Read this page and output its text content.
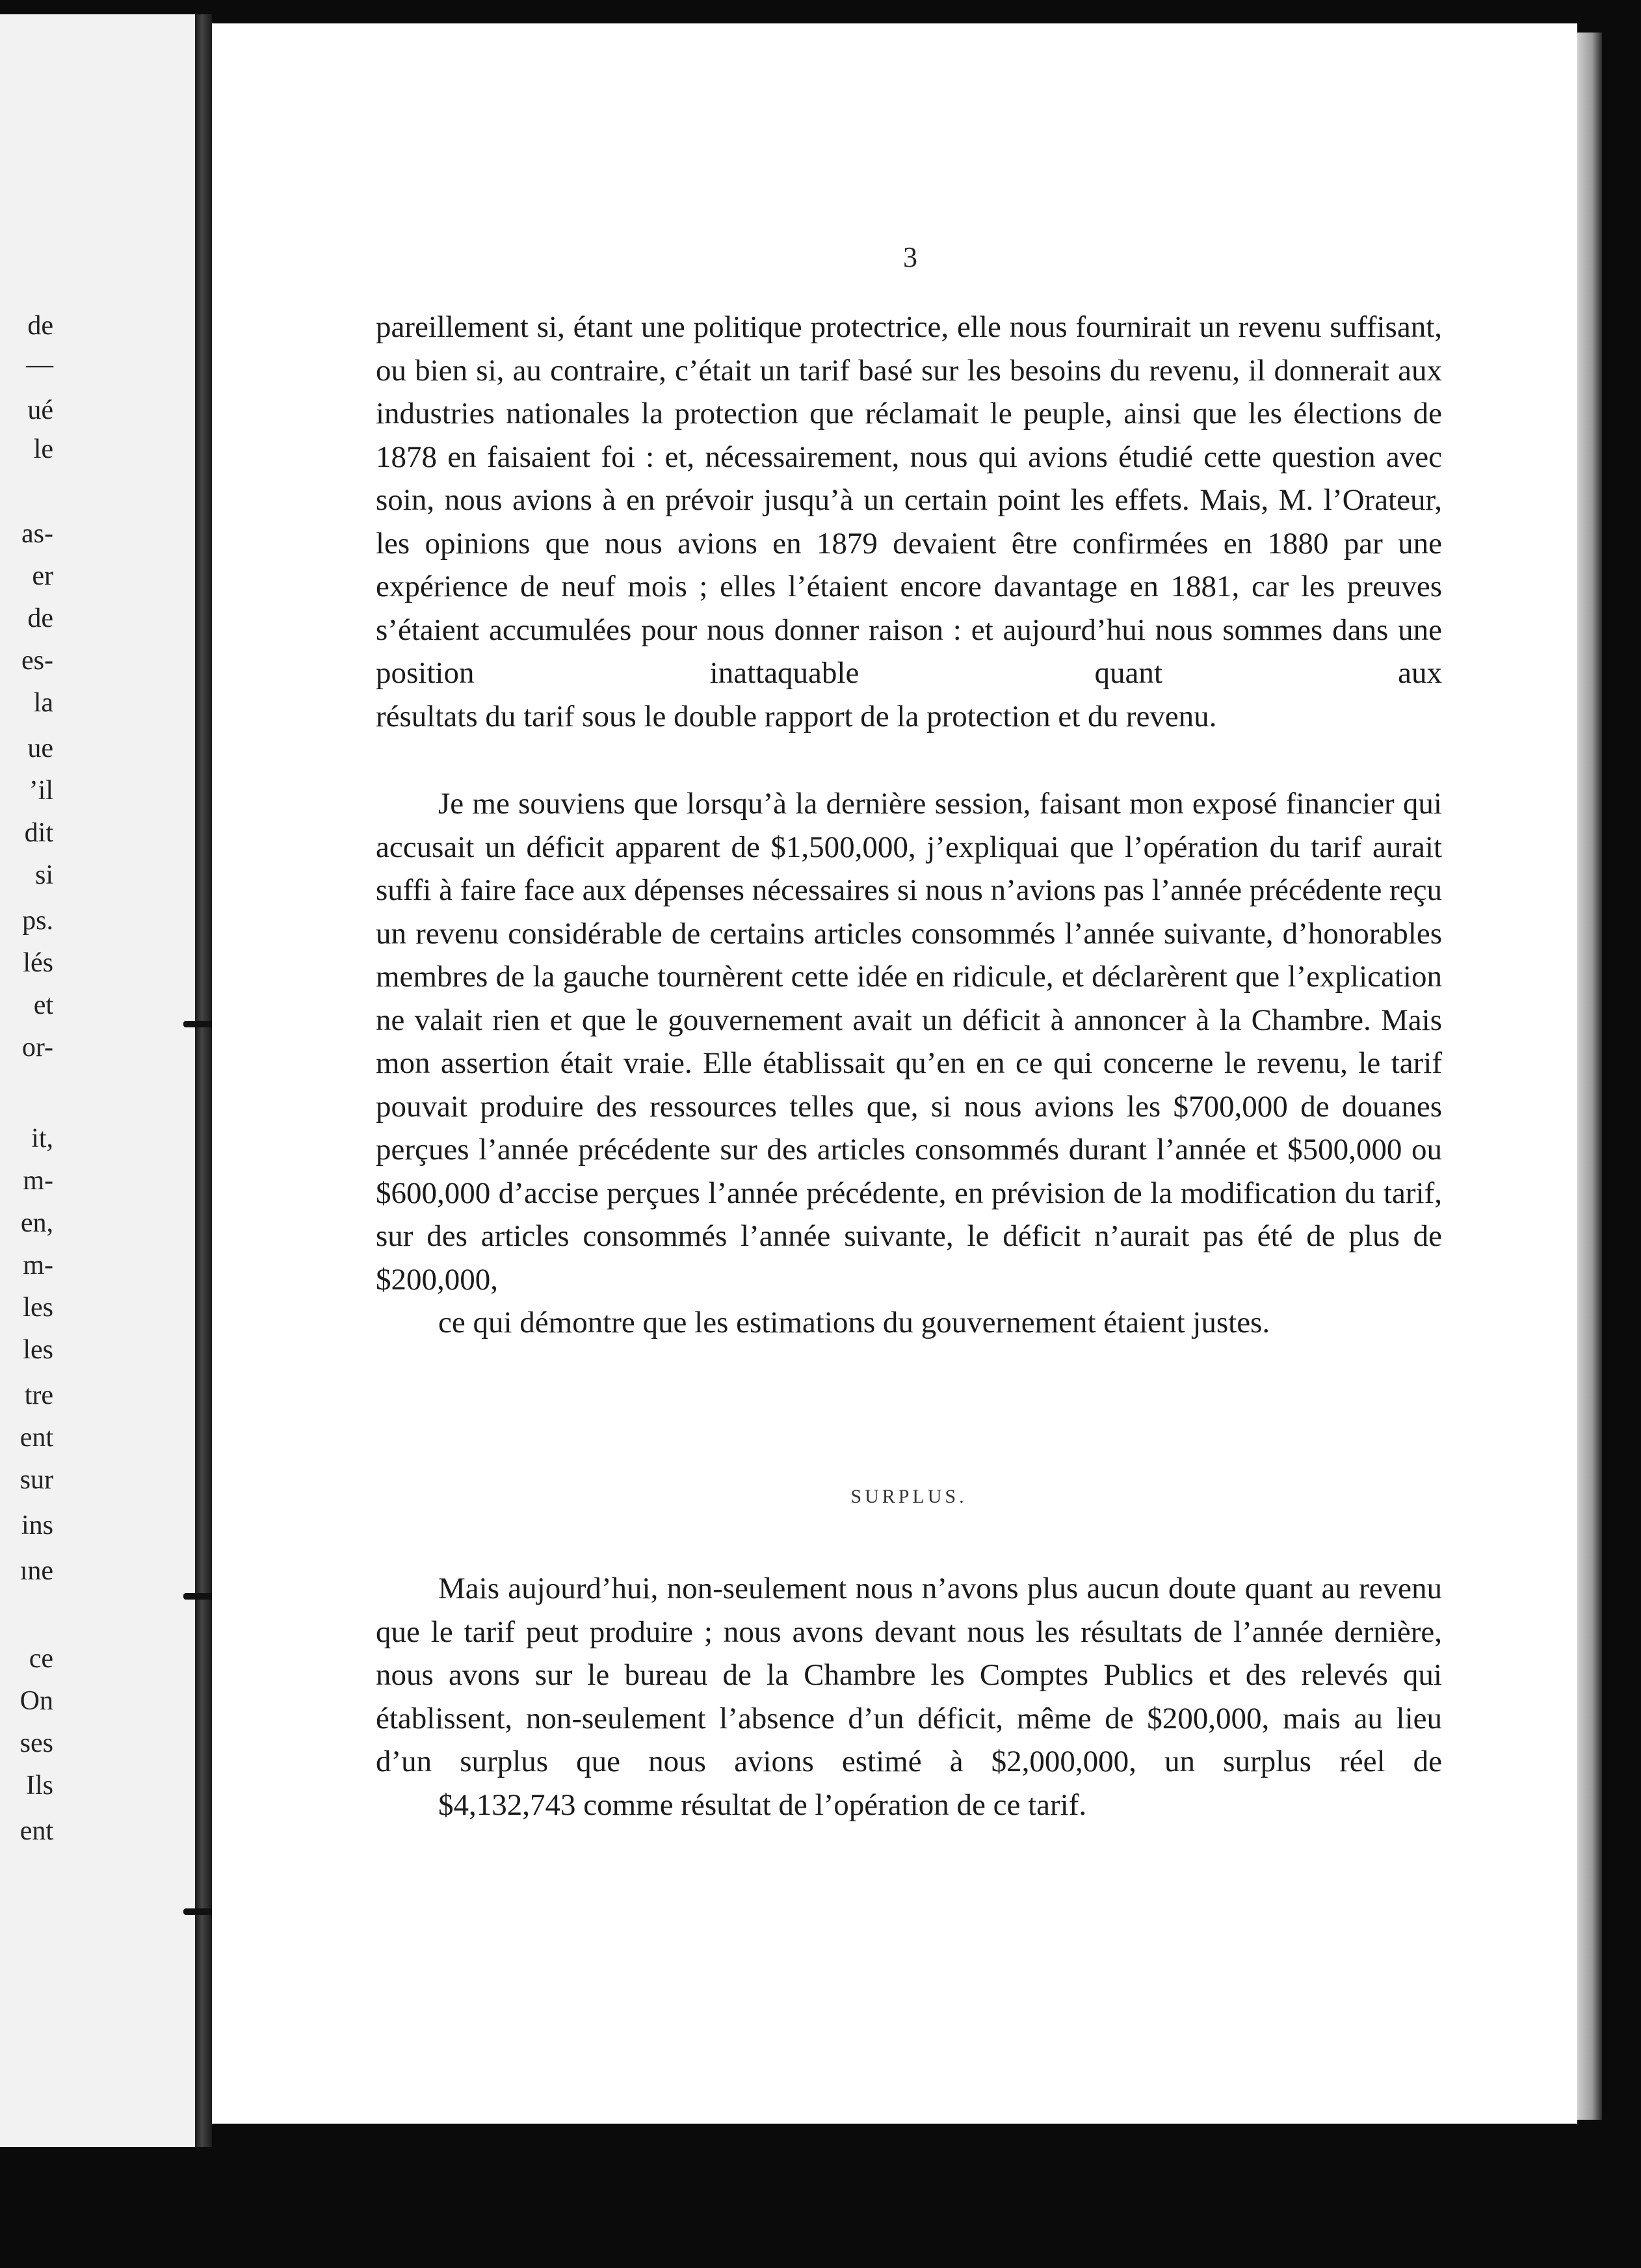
de
—
ué
le
as-
er
de
es-
la
ue
’il
dit
si
ps.
lés
et
or-
it,
m-
en,
m-
les
les
tre
ent
sur
ins
ıne
ce
On
ses
Ils
ent
3

pareillement si, étant une politique protectrice, elle nous fournirait un revenu suffisant, ou bien si, au contraire, c’était un tarif basé sur les besoins du revenu, il donnerait aux industries nationales la protection que réclamait le peuple, ainsi que les élections de 1878 en faisaient foi : et, nécessairement, nous qui avions étudié cette question avec soin, nous avions à en prévoir jusqu’à un certain point les effets. Mais, M. l’Orateur, les opinions que nous avions en 1879 devaient être confirmées en 1880 par une expérience de neuf mois ; elles l’étaient encore davantage en 1881, car les preuves s’étaient accumulées pour nous donner raison : et aujourd’hui nous sommes dans une position inattaquable quant aux
résultats du tarif sous le double rapport de la protection et du revenu.

Je me souviens que lorsqu’à la dernière session, faisant mon exposé financier qui accusait un déficit apparent de $1,500,000, j’expliquai que l’opération du tarif aurait suffi à faire face aux dépenses nécessaires si nous n’avions pas l’année précédente reçu un revenu considérable de certains articles consommés l’année suivante, d’honorables membres de la gauche tournèrent cette idée en ridicule, et déclarèrent que l’explication ne valait rien et que le gouvernement avait un déficit à annoncer à la Chambre. Mais mon assertion était vraie. Elle établissait qu’en en ce qui concerne le revenu, le tarif pouvait produire des ressources telles que, si nous avions les $700,000 de douanes perçues l’année précédente sur des articles consommés durant l’année et $500,000 ou $600,000 d’accise perçues l’année précédente, en prévision de la modification du tarif, sur des articles consommés l’année suivante, le déficit n’aurait pas été de plus de $200,000,
ce qui démontre que les estimations du gouvernement étaient justes.

SURPLUS.

Mais aujourd’hui, non-seulement nous n’avons plus aucun doute quant au revenu que le tarif peut produire ; nous avons devant nous les résultats de l’année dernière, nous avons sur le bureau de la Chambre les Comptes Publics et des relevés qui établissent, non-seulement l’absence d’un déficit, même de $200,000, mais au lieu d’un surplus que nous avions estimé à $2,000,000, un surplus réel de
$4,132,743 comme résultat de l’opération de ce tarif.
